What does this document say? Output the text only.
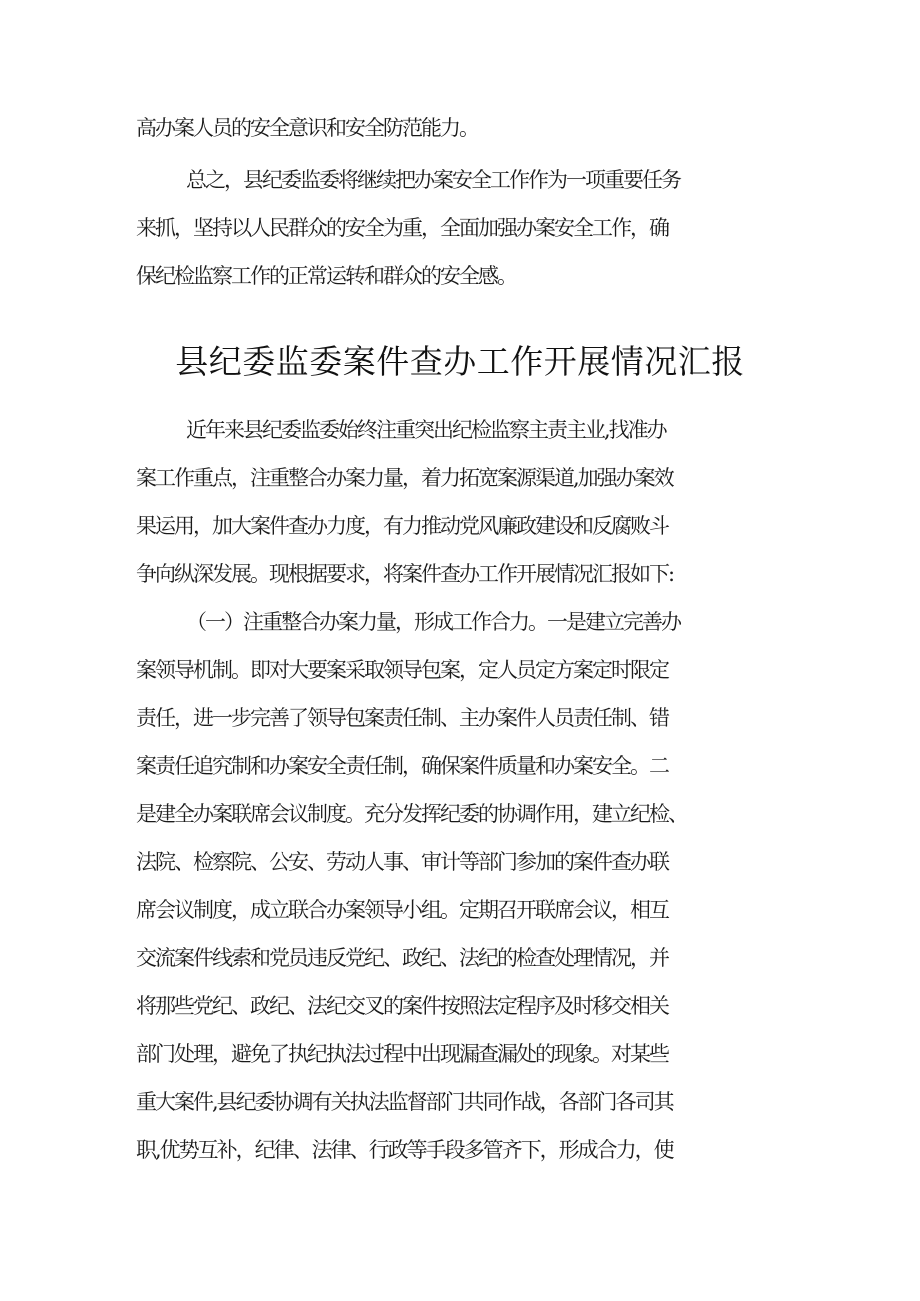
高办案人员的安全意识和安全防范能力。
总之，县纪委监委将继续把办案安全工作作为一项重要任务
来抓，坚持以人民群众的安全为重，全面加强办案安全工作，确
保纪检监察工作的正常运转和群众的安全感。
县纪委监委案件查办工作开展情况汇报
近年来县纪委监委始终注重突出纪检监察主责主业,找准办
案工作重点，注重整合办案力量，着力拓宽案源渠道,加强办案效
果运用，加大案件查办力度，有力推动党风廉政建设和反腐败斗
争向纵深发展。现根据要求，将案件查办工作开展情况汇报如下:
（一）注重整合办案力量，形成工作合力。一是建立完善办
案领导机制。即对大要案采取领导包案，定人员定方案定时限定
责任，进一步完善了领导包案责任制、主办案件人员责任制、错
案责任追究制和办案安全责任制，确保案件质量和办案安全。二
是建全办案联席会议制度。充分发挥纪委的协调作用，建立纪检、
法院、检察院、公安、劳动人事、审计等部门参加的案件查办联
席会议制度，成立联合办案领导小组。定期召开联席会议，相互
交流案件线索和党员违反党纪、政纪、法纪的检查处理情况，并
将那些党纪、政纪、法纪交叉的案件按照法定程序及时移交相关
部门处理，避免了执纪执法过程中出现漏查漏处的现象。对某些
重大案件,县纪委协调有关执法监督部门共同作战，各部门各司其
职,优势互补，纪律、法律、行政等手段多管齐下，形成合力，使
